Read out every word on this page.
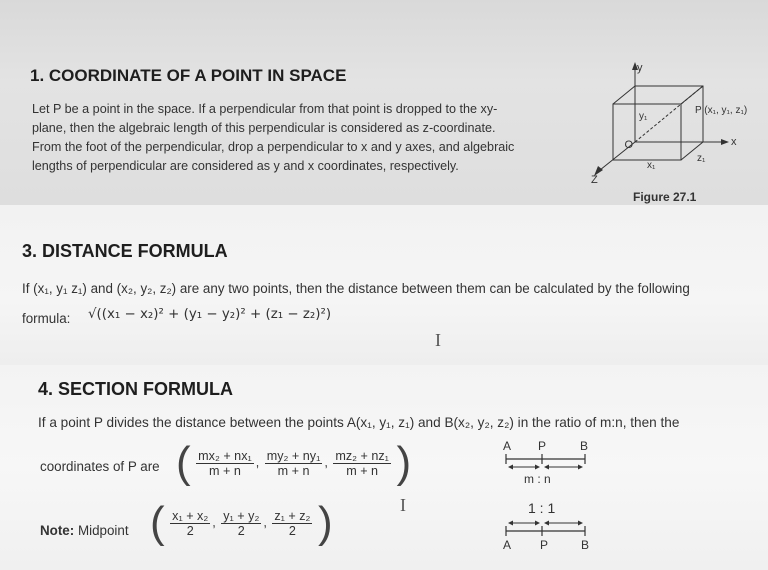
1. COORDINATE OF A POINT IN SPACE

Let P be a point in the space. If a perpendicular from that point is dropped to the xy-

plane, then the algebraic length of this perpendicular is considered as z-coordinate.

From the foot of the perpendicular, drop a perpendicular to x and y axes, and algebraic

lengths of perpendicular are considered as y and x coordinates, respectively.

y
x
Z
O
y₁
x₁
z₁
P (x₁, y₁, z₁)
Figure 27.1
3. DISTANCE FORMULA

If (x₁, y₁ z₁) and (x₂, y₂, z₂) are any two points, then the distance between them can be calculated by the following

formula: √((x₁ − x₂)² + (y₁ − y₂)² + (z₁ − z₂)²)
I
4. SECTION FORMULA

If a point P divides the distance between the points A(x₁, y₁, z₁) and B(x₂, y₂, z₂) in the ratio of m:n, then the

coordinates of P are ( $\frac{\text{mx₂ + nx₁}}{m + n}$ , $\frac{\text{my₂ + ny₁}}{m + n}$ , $\frac{\text{mz₂ + nz₁}}{m + n}$ )	A P	B
m : n
I

Note: Midpoint ( $\frac{\text{x₁ + x₂}}{2}$ , $\frac{\text{y₁ + y₂}}{2}$ , $\frac{\text{z₁ + z₂}}{2}$ )	1 : 1
A P	B
